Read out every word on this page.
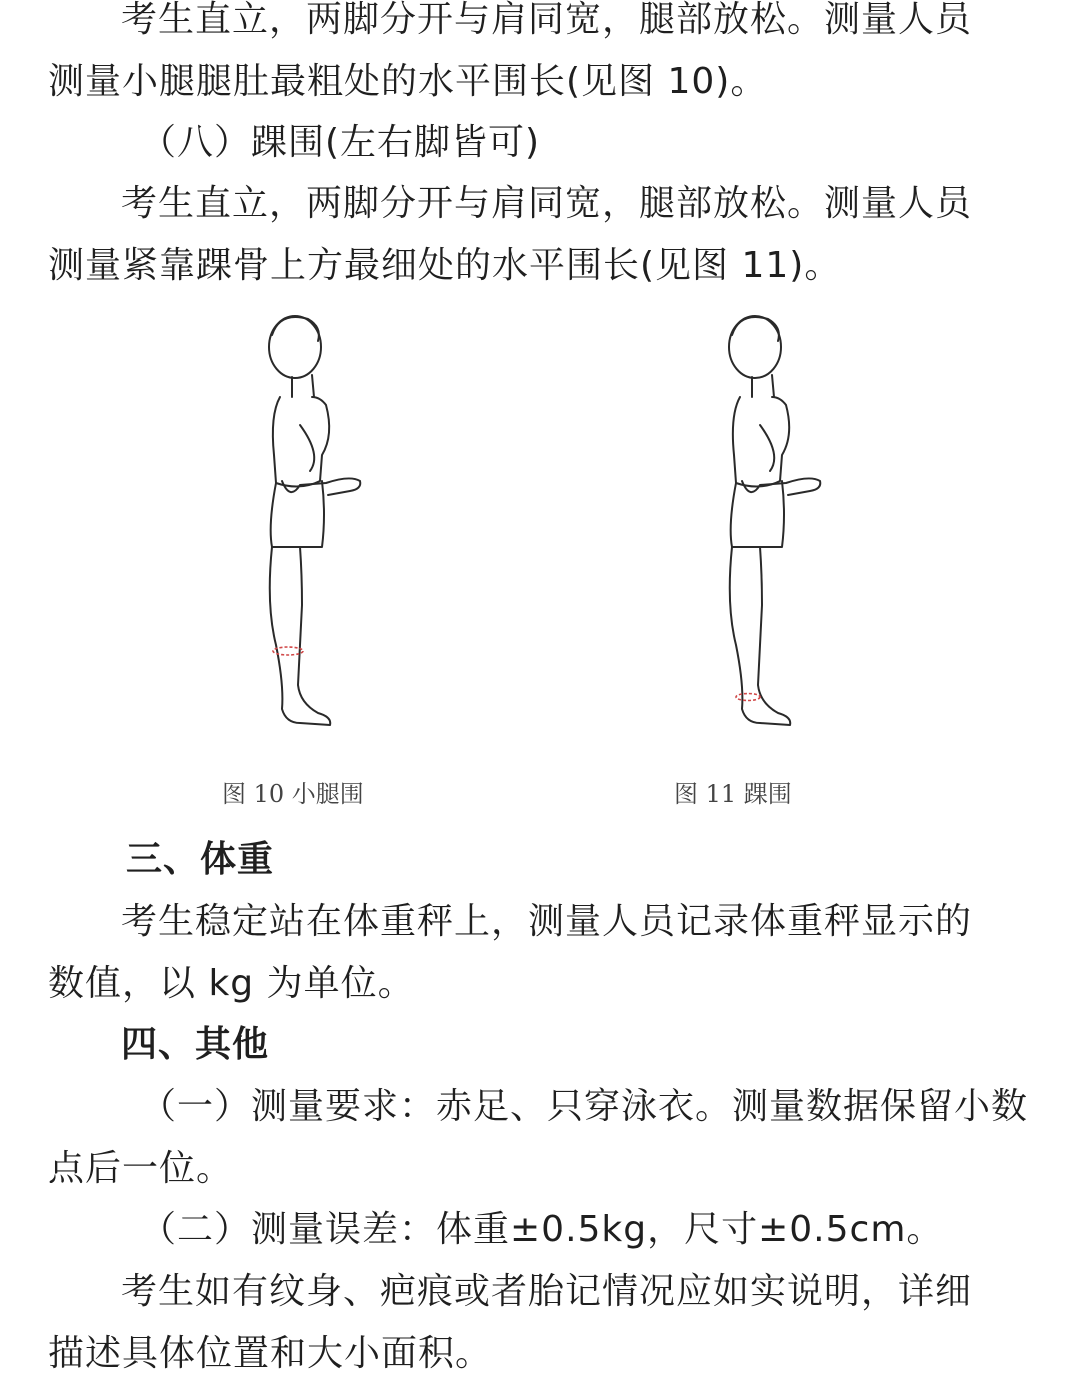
考生直立，两脚分开与肩同宽，腿部放松。测量人员
测量小腿腿肚最粗处的水平围长(见图 10)。
（八）踝围(左右脚皆可)
考生直立，两脚分开与肩同宽，腿部放松。测量人员
测量紧靠踝骨上方最细处的水平围长(见图 11)。
图 10 小腿围	图 11 踝围
三、体重
考生稳定站在体重秤上，测量人员记录体重秤显示的
数值，以 kg 为单位。
四、其他
（一）测量要求：赤足、只穿泳衣。测量数据保留小数
点后一位。
（二）测量误差：体重±0.5kg，尺寸±0.5cm。
考生如有纹身、疤痕或者胎记情况应如实说明，详细
描述具体位置和大小面积。
